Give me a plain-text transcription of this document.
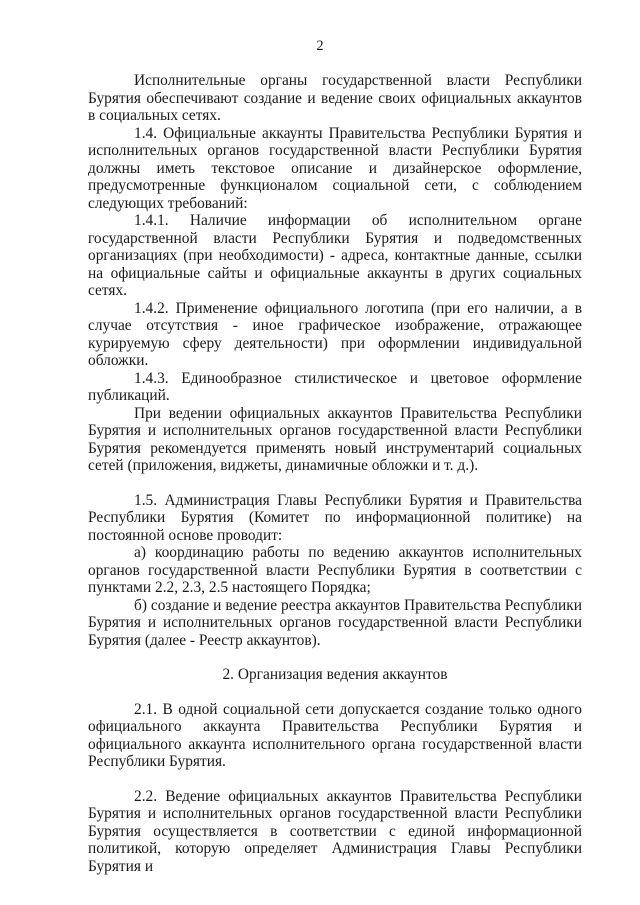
2

Исполнительные органы государственной власти Республики Бурятия обеспечивают создание и ведение своих официальных аккаунтов в социальных сетях.

1.4. Официальные аккаунты Правительства Республики Бурятия и исполнительных органов государственной власти Республики Бурятия должны иметь текстовое описание и дизайнерское оформление, предусмотренные функционалом социальной сети, с соблюдением следующих требований:

1.4.1. Наличие информации об исполнительном органе государственной власти Республики Бурятия и подведомственных организациях (при необходимости) - адреса, контактные данные, ссылки на официальные сайты и официальные аккаунты в других социальных сетях.

1.4.2. Применение официального логотипа (при его наличии, а в случае отсутствия - иное графическое изображение, отражающее курируемую сферу деятельности) при оформлении индивидуальной обложки.

1.4.3. Единообразное стилистическое и цветовое оформление публикаций.

При ведении официальных аккаунтов Правительства Республики Бурятия и исполнительных органов государственной власти Республики Бурятия рекомендуется применять новый инструментарий социальных сетей (приложения, виджеты, динамичные обложки и т. д.).

1.5. Администрация Главы Республики Бурятия и Правительства Республики Бурятия (Комитет по информационной политике) на постоянной основе проводит:

а) координацию работы по ведению аккаунтов исполнительных органов государственной власти Республики Бурятия в соответствии с пунктами 2.2, 2.3, 2.5 настоящего Порядка;

б) создание и ведение реестра аккаунтов Правительства Республики Бурятия и исполнительных органов государственной власти Республики Бурятия (далее - Реестр аккаунтов).

2. Организация ведения аккаунтов

2.1. В одной социальной сети допускается создание только одного официального аккаунта Правительства Республики Бурятия и официального аккаунта исполнительного органа государственной власти Республики Бурятия.

2.2. Ведение официальных аккаунтов Правительства Республики Бурятия и исполнительных органов государственной власти Республики Бурятия осуществляется в соответствии с единой информационной политикой, которую определяет Администрация Главы Республики Бурятия и
